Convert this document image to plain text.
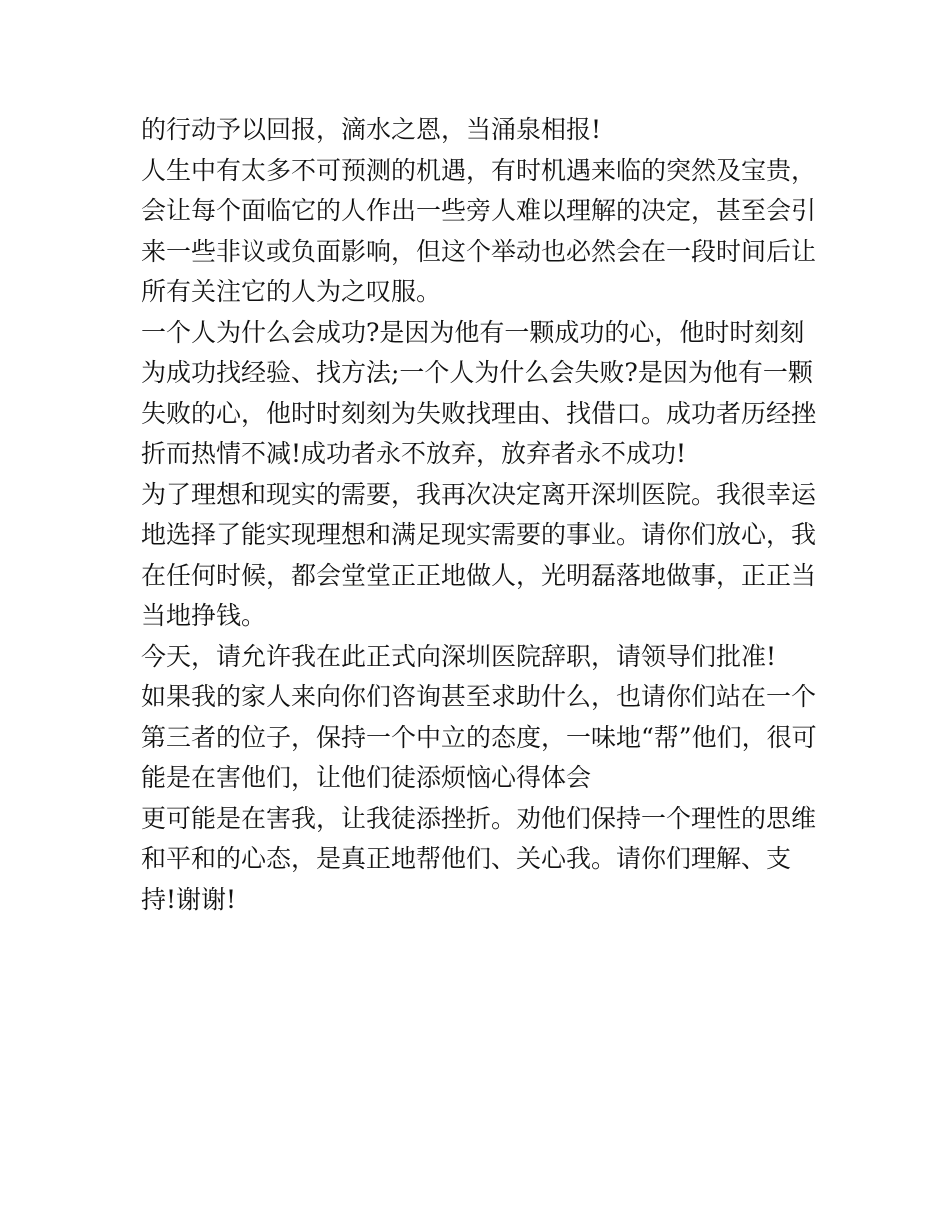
的行动予以回报，滴水之恩，当涌泉相报!
人生中有太多不可预测的机遇，有时机遇来临的突然及宝贵，
会让每个面临它的人作出一些旁人难以理解的决定，甚至会引
来一些非议或负面影响，但这个举动也必然会在一段时间后让
所有关注它的人为之叹服。
一个人为什么会成功?是因为他有一颗成功的心，他时时刻刻
为成功找经验、找方法;一个人为什么会失败?是因为他有一颗
失败的心，他时时刻刻为失败找理由、找借口。成功者历经挫
折而热情不减!成功者永不放弃，放弃者永不成功!
为了理想和现实的需要，我再次决定离开深圳医院。我很幸运
地选择了能实现理想和满足现实需要的事业。请你们放心，我
在任何时候，都会堂堂正正地做人，光明磊落地做事，正正当
当地挣钱。
今天，请允许我在此正式向深圳医院辞职，请领导们批准!
如果我的家人来向你们咨询甚至求助什么，也请你们站在一个
第三者的位子，保持一个中立的态度，一味地“帮”他们，很可
能是在害他们，让他们徒添烦恼心得体会
更可能是在害我，让我徒添挫折。劝他们保持一个理性的思维
和平和的心态，是真正地帮他们、关心我。请你们理解、支
持!谢谢!
